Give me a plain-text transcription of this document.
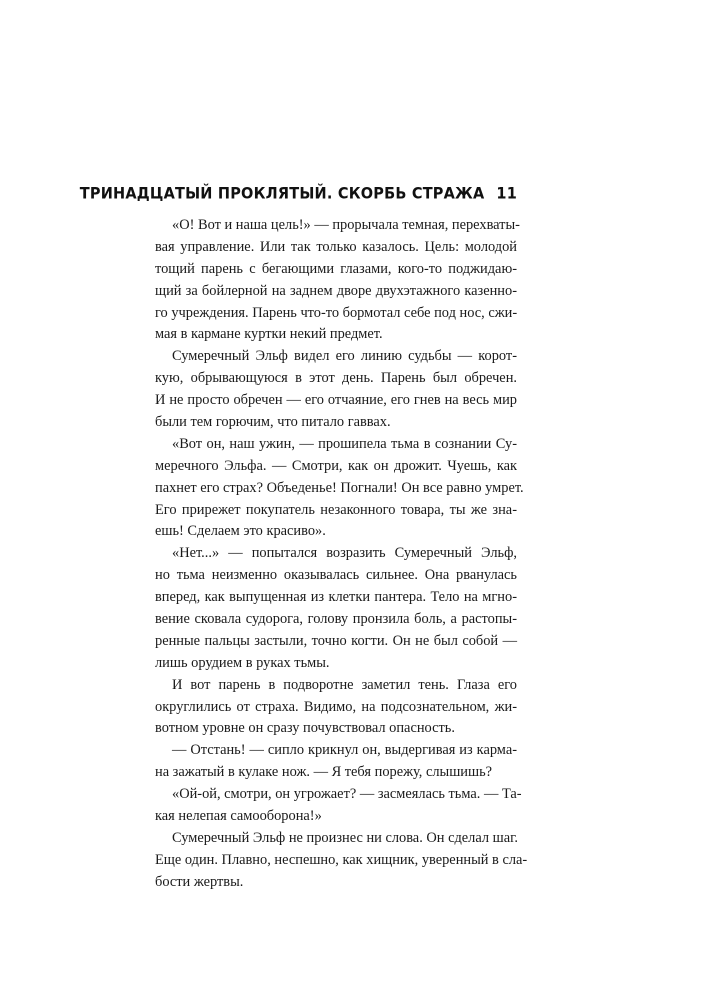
ТРИНАДЦАТЫЙ ПРОКЛЯТЫЙ. СКОРБЬ СТРАЖА 11
«О! Вот и наша цель!» — прорычала темная, перехваты-
вая управление. Или так только казалось. Цель: молодой
тощий парень с бегающими глазами, кого-то поджидаю-
щий за бойлерной на заднем дворе двухэтажного казенно-
го учреждения. Парень что-то бормотал себе под нос, сжи-
мая в кармане куртки некий предмет.
Сумеречный Эльф видел его линию судьбы — корот-
кую, обрывающуюся в этот день. Парень был обречен.
И не просто обречен — его отчаяние, его гнев на весь мир
были тем горючим, что питало гаввах.
«Вот он, наш ужин, — прошипела тьма в сознании Су-
меречного Эльфа. — Смотри, как он дрожит. Чуешь, как
пахнет его страх? Объеденье! Погнали! Он все равно умрет.
Его прирежет покупатель незаконного товара, ты же зна-
ешь! Сделаем это красиво».
«Нет...» — попытался возразить Сумеречный Эльф,
но тьма неизменно оказывалась сильнее. Она рванулась
вперед, как выпущенная из клетки пантера. Тело на мгно-
вение сковала судорога, голову пронзила боль, а растопы-
ренные пальцы застыли, точно когти. Он не был собой —
лишь орудием в руках тьмы.
И вот парень в подворотне заметил тень. Глаза его
округлились от страха. Видимо, на подсознательном, жи-
вотном уровне он сразу почувствовал опасность.
— Отстань! — сипло крикнул он, выдергивая из карма-
на зажатый в кулаке нож. — Я тебя порежу, слышишь?
«Ой-ой, смотри, он угрожает? — засмеялась тьма. — Та-
кая нелепая самооборона!»
Сумеречный Эльф не произнес ни слова. Он сделал шаг.
Еще один. Плавно, неспешно, как хищник, уверенный в сла-
бости жертвы.
